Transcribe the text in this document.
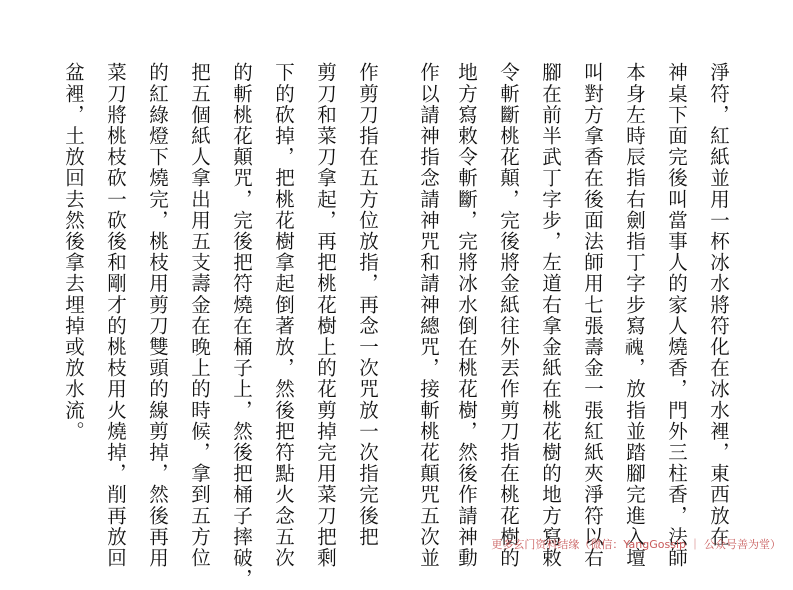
淨符，紅紙並用一杯冰水將符化在冰水裡，東西放在
神桌下面完後叫當事人的家人燒香，門外三柱香，法師
本身左時辰指右劍指丁字步寫𩲡，放指並踏腳完進入壇
叫對方拿香在後面法師用七張壽金一張紅紙夾淨符以右
腳在前半武丁字步，左道右拿金紙在桃花樹的地方寫敕
令斬斷桃花顛，完後將金紙往外丟作剪刀指在桃花樹的
地方寫敕令斬斷，完將冰水倒在桃花樹，然後作請神動
作以請神指念請神咒和請神總咒，接斬桃花顛咒五次並
作剪刀指在五方位放指，再念一次咒放一次指完後把
剪刀和菜刀拿起，再把桃花樹上的花剪掉完用菜刀把剩
下的砍掉，把桃花樹拿起倒著放，然後把符點火念五次
的斬桃花顛咒，完後把符燒在桶子上，然後把桶子摔破，
把五個紙人拿出用五支壽金在晚上的時候，拿到五方位
的紅綠燈下燒完，桃枝用剪刀雙頭的線剪掉，然後再用
菜刀將桃枝砍一砍後和剛才的桃枝用火燒掉，削再放回
盆裡，土放回去然後拿去埋掉或放水流。
更多玄门资料结缘（微信：YangGossip ｜ 公众号善为堂）
